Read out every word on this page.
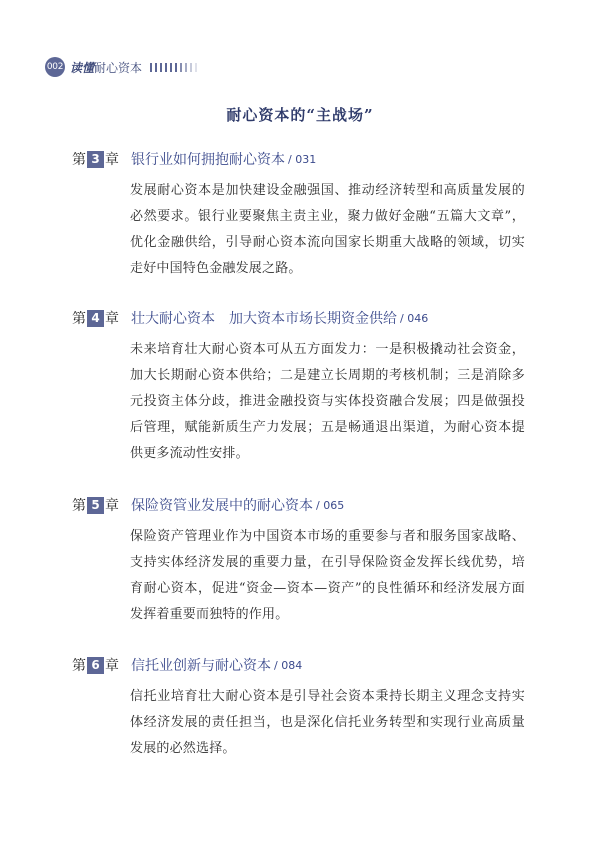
002 读懂耐心资本
耐心资本的“主战场”
第 3 章 银行业如何拥抱耐心资本 / 031
发展耐心资本是加快建设金融强国、推动经济转型和高质量发展的必然要求。银行业要聚焦主责主业，聚力做好金融“五篇大文章”，优化金融供给，引导耐心资本流向国家长期重大战略的领域，切实走好中国特色金融发展之路。
第 4 章 壮大耐心资本　加大资本市场长期资金供给 / 046
未来培育壮大耐心资本可从五方面发力：一是积极撬动社会资金，加大长期耐心资本供给；二是建立长周期的考核机制；三是消除多元投资主体分歧，推进金融投资与实体投资融合发展；四是做强投后管理，赋能新质生产力发展；五是畅通退出渠道，为耐心资本提供更多流动性安排。
第 5 章 保险资管业发展中的耐心资本 / 065
保险资产管理业作为中国资本市场的重要参与者和服务国家战略、支持实体经济发展的重要力量，在引导保险资金发挥长线优势，培育耐心资本，促进“资金—资本—资产”的良性循环和经济发展方面发挥着重要而独特的作用。
第 6 章 信托业创新与耐心资本 / 084
信托业培育壮大耐心资本是引导社会资本秉持长期主义理念支持实体经济发展的责任担当，也是深化信托业务转型和实现行业高质量发展的必然选择。
